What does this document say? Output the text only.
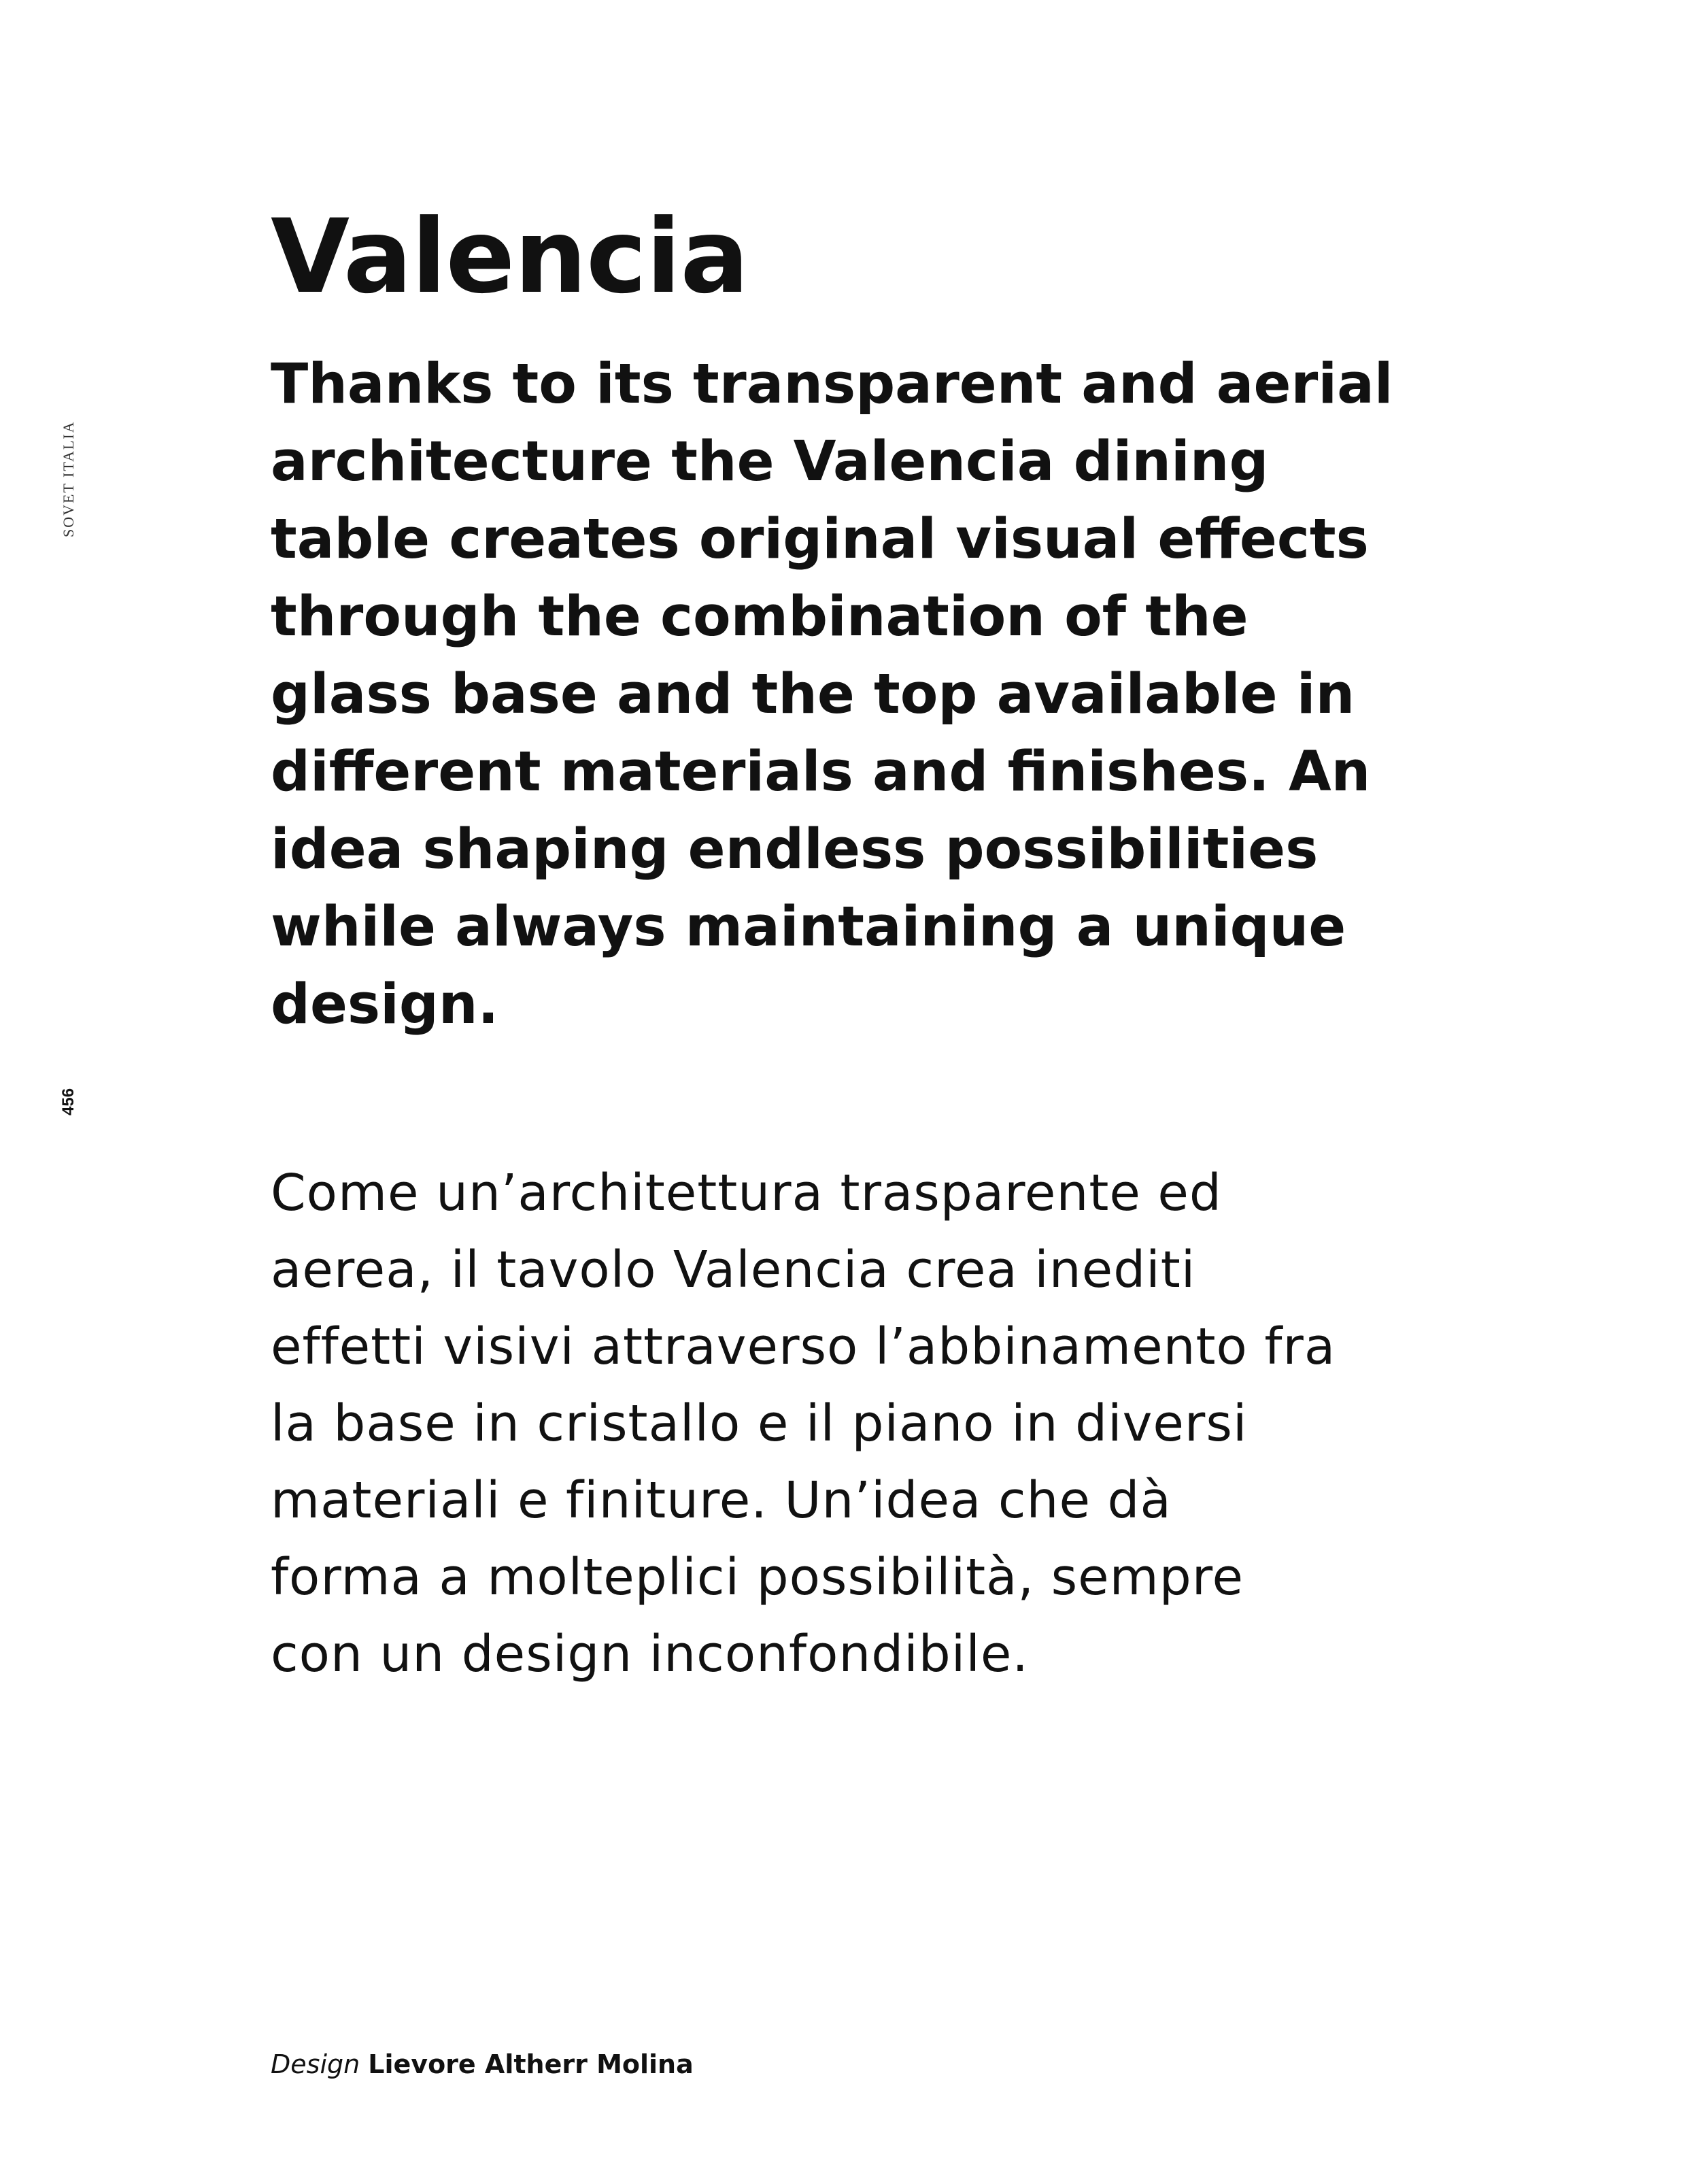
SOVET ITALIA
456
Valencia

Thanks to its transparent and aerial
architecture the Valencia dining
table creates original visual effects
through the combination of the
glass base and the top available in
different materials and finishes. An
idea shaping endless possibilities
while always maintaining a unique
design.

Come un’architettura trasparente ed
aerea, il tavolo Valencia crea inediti
effetti visivi attraverso l’abbinamento fra
la base in cristallo e il piano in diversi
materiali e finiture. Un’idea che dà
forma a molteplici possibilità, sempre
con un design inconfondibile.

Design Lievore Altherr Molina
